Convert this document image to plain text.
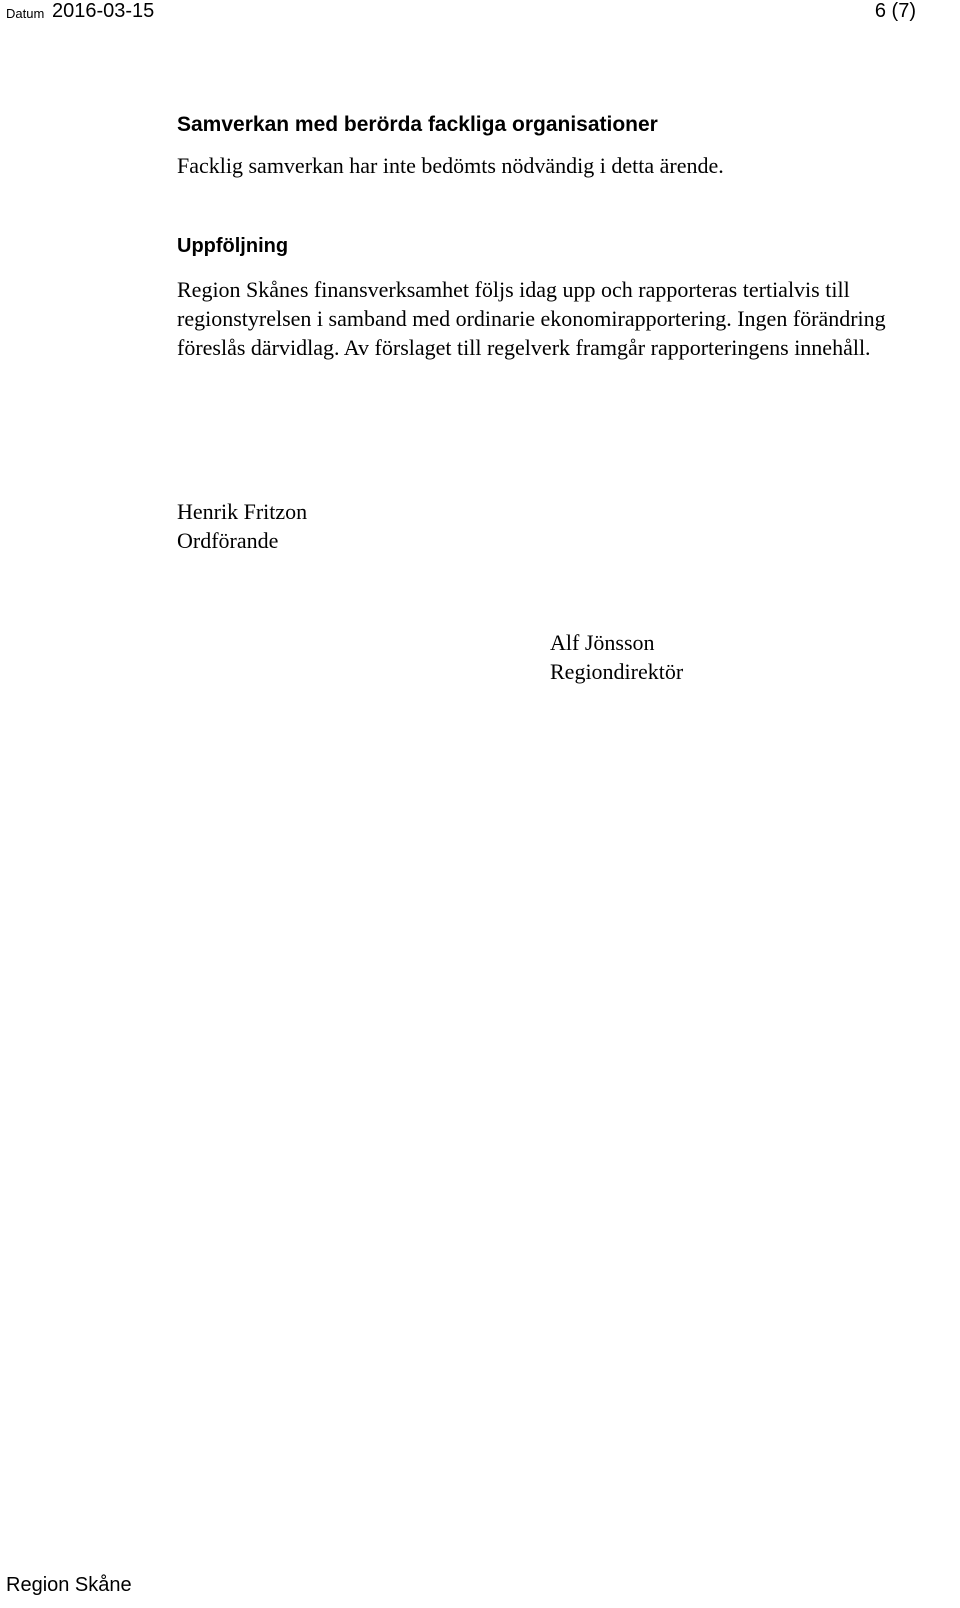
Datum 2016-03-15	6 (7)
Samverkan med berörda fackliga organisationer

Facklig samverkan har inte bedömts nödvändig i detta ärende.

Uppföljning

Region Skånes finansverksamhet följs idag upp och rapporteras tertialvis till regionstyrelsen i samband med ordinarie ekonomirapportering. Ingen förändring föreslås därvidlag. Av förslaget till regelverk framgår rapporteringens innehåll.

Henrik Fritzon
Ordförande
Alf Jönsson
Regiondirektör
Region Skåne
